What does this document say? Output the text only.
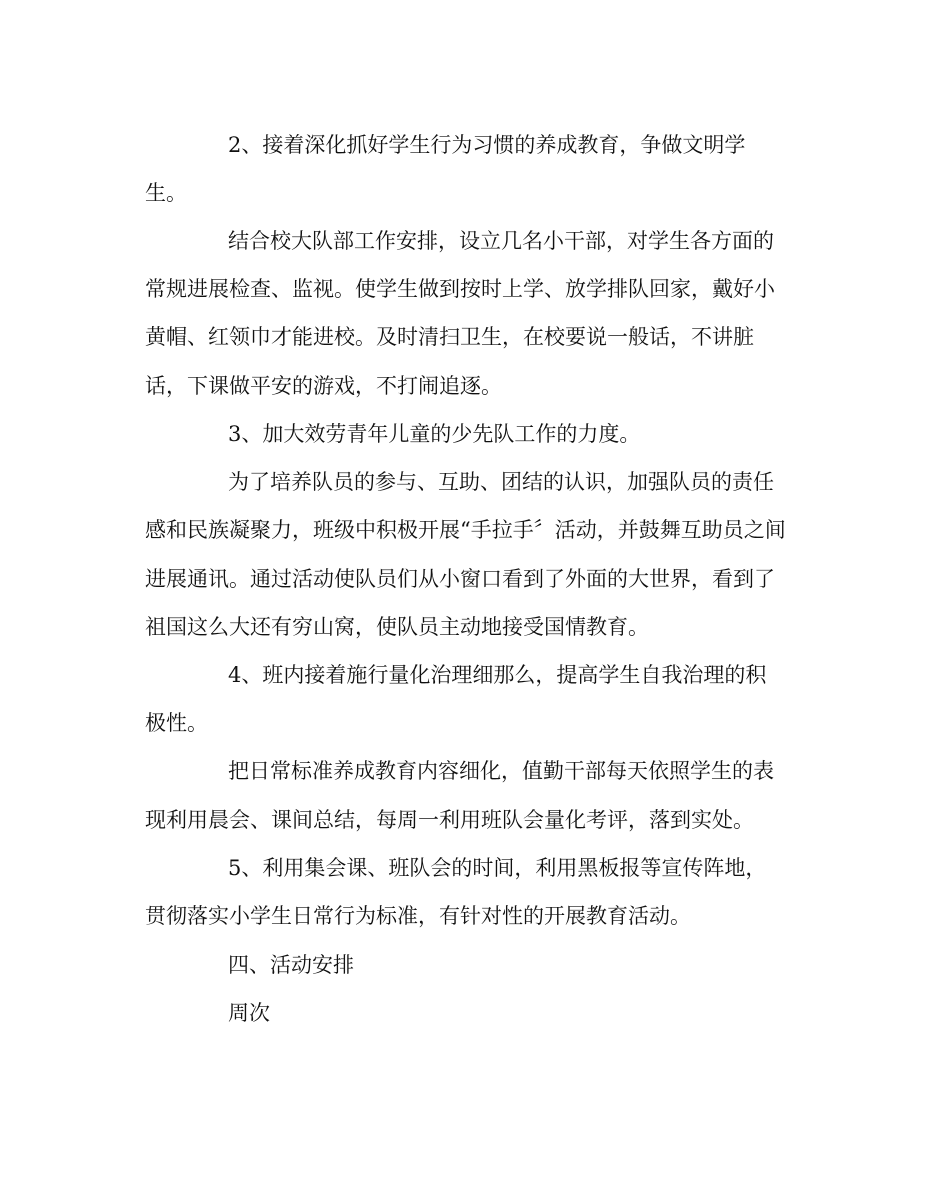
2、接着深化抓好学生行为习惯的养成教育，争做文明学

生。

结合校大队部工作安排，设立几名小干部，对学生各方面的

常规进展检查、监视。使学生做到按时上学、放学排队回家，戴好小

黄帽、红领巾才能进校。及时清扫卫生，在校要说一般话，不讲脏

话，下课做平安的游戏，不打闹追逐。

3、加大效劳青年儿童的少先队工作的力度。

为了培养队员的参与、互助、团结的认识，加强队员的责任

感和民族凝聚力，班级中积极开展“手拉手〞活动，并鼓舞互助员之间

进展通讯。通过活动使队员们从小窗口看到了外面的大世界，看到了

祖国这么大还有穷山窝，使队员主动地接受国情教育。

4、班内接着施行量化治理细那么，提高学生自我治理的积

极性。

把日常标准养成教育内容细化，值勤干部每天依照学生的表

现利用晨会、课间总结，每周一利用班队会量化考评，落到实处。

5、利用集会课、班队会的时间，利用黑板报等宣传阵地，

贯彻落实小学生日常行为标准，有针对性的开展教育活动。

四、活动安排

周次
